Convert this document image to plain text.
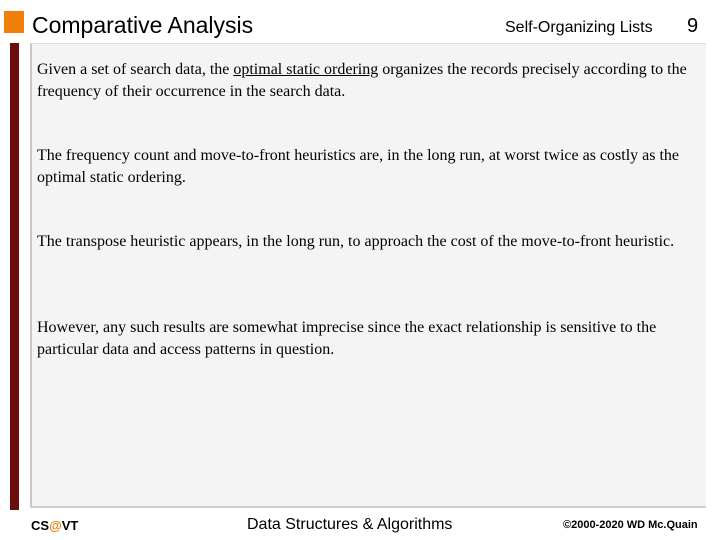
Comparative Analysis	Self-Organizing Lists 9
Given a set of search data, the optimal static ordering organizes the records precisely according to the frequency of their occurrence in the search data.
The frequency count and move-to-front heuristics are, in the long run, at worst twice as costly as the optimal static ordering.
The transpose heuristic appears, in the long run, to approach the cost of the move-to-front heuristic.
However, any such results are somewhat imprecise since the exact relationship is sensitive to the particular data and access patterns in question.
CS@VT	Data Structures & Algorithms	©2000-2020 WD Mc.Quain
